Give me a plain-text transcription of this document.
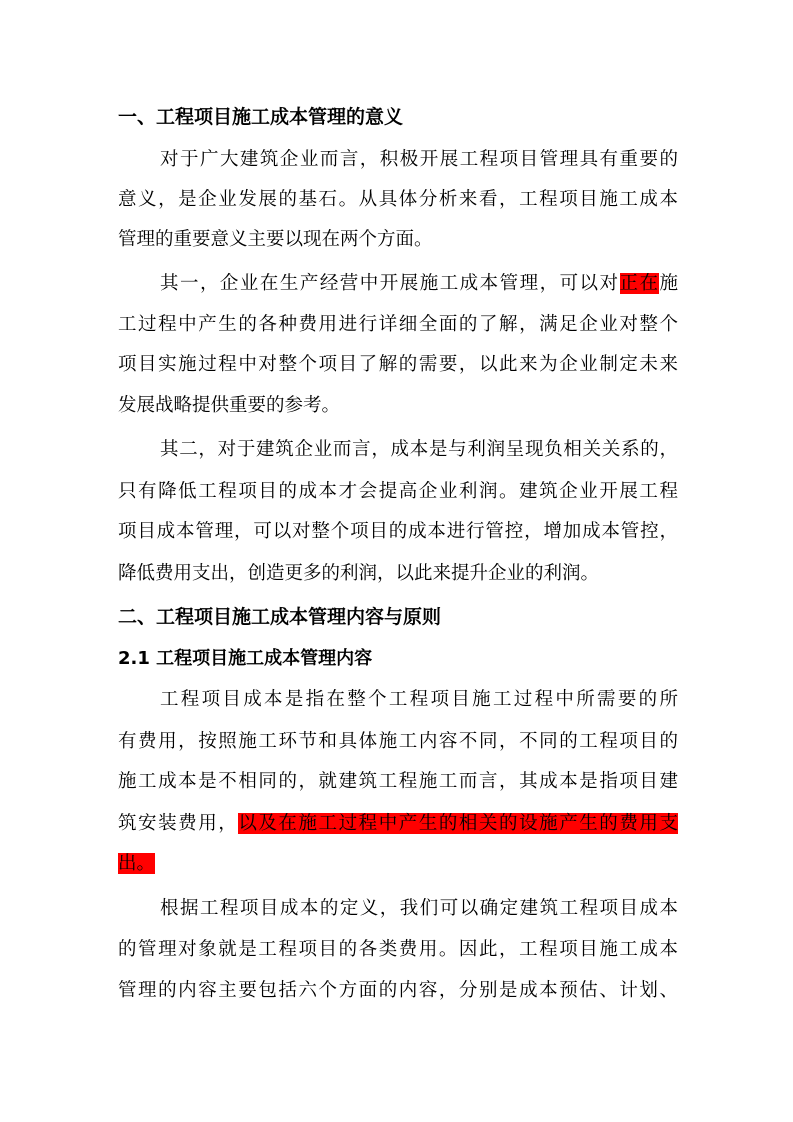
一、工程项目施工成本管理的意义
对于广大建筑企业而言，积极开展工程项目管理具有重要的
意义，是企业发展的基石。从具体分析来看，工程项目施工成本
管理的重要意义主要以现在两个方面。
其一，企业在生产经营中开展施工成本管理，可以对正在施
工过程中产生的各种费用进行详细全面的了解，满足企业对整个
项目实施过程中对整个项目了解的需要，以此来为企业制定未来
发展战略提供重要的参考。
其二，对于建筑企业而言，成本是与利润呈现负相关关系的，
只有降低工程项目的成本才会提高企业利润。建筑企业开展工程
项目成本管理，可以对整个项目的成本进行管控，增加成本管控，
降低费用支出，创造更多的利润，以此来提升企业的利润。
二、工程项目施工成本管理内容与原则
2.1 工程项目施工成本管理内容
工程项目成本是指在整个工程项目施工过程中所需要的所
有费用，按照施工环节和具体施工内容不同，不同的工程项目的
施工成本是不相同的，就建筑工程施工而言，其成本是指项目建
筑安装费用，以及在施工过程中产生的相关的设施产生的费用支
出。
根据工程项目成本的定义，我们可以确定建筑工程项目成本
的管理对象就是工程项目的各类费用。因此，工程项目施工成本
管理的内容主要包括六个方面的内容，分别是成本预估、计划、
